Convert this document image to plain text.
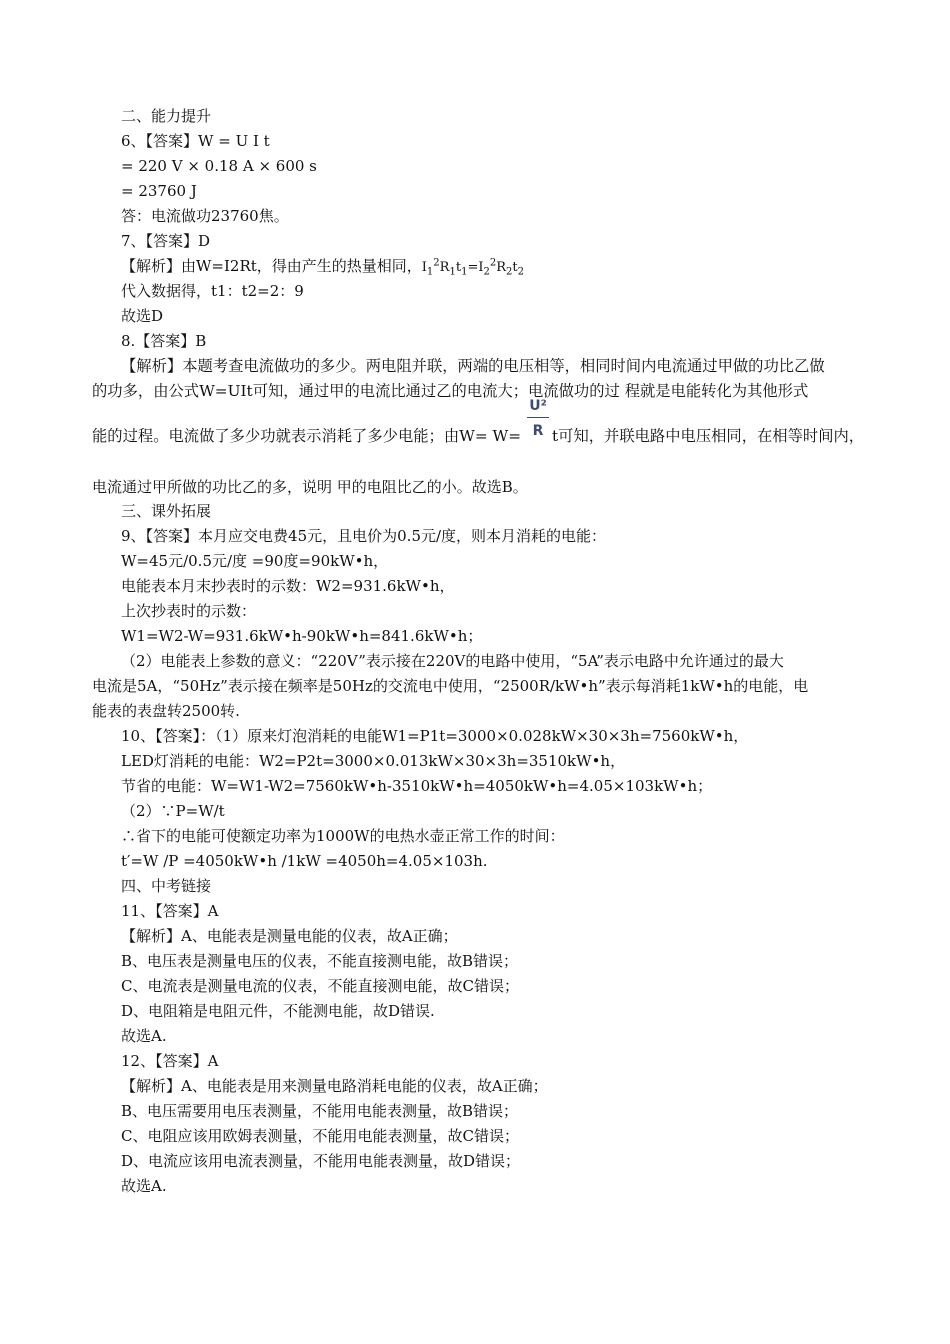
二、能力提升
6、【答案】W = U I t
= 220 V × 0.18 A × 600 s
= 23760 J
答：电流做功23760焦。
7、【答案】D
【解析】由W=I2Rt，得由产生的热量相同，$I_1^2R_1t_1=I_2^2R_2t_2$
代入数据得，t1：t2=2：9
故选D
8.【答案】B
【解析】本题考查电流做功的多少。两电阻并联，两端的电压相等，相同时间内电流通过甲做的功比乙做
的功多，由公式W=UIt可知，通过甲的电流比通过乙的电流大；电流做功的过 程就是电能转化为其他形式
能的过程。电流做了多少功就表示消耗了多少电能；由$W= W= \frac{\text{U²}}{R}$ t可知，并联电路中电压相同，在相等时间内，
电流通过甲所做的功比乙的多，说明 甲的电阻比乙的小。故选B。
三、课外拓展
9、【答案】本月应交电费45元，且电价为0.5元/度，则本月消耗的电能：
W=45元/0.5元/度 =90度=90kW•h，
电能表本月末抄表时的示数：W2=931.6kW•h，
上次抄表时的示数：
W1=W2-W=931.6kW•h-90kW•h=841.6kW•h；
（2）电能表上参数的意义：“220V”表示接在220V的电路中使用，“5A”表示电路中允许通过的最大
电流是5A，“50Hz”表示接在频率是50Hz的交流电中使用，“2500R/kW•h”表示每消耗1kW•h的电能，电
能表的表盘转2500转.
10、【答案】：（1）原来灯泡消耗的电能W1=P1t=3000×0.028kW×30×3h=7560kW•h，
LED灯消耗的电能：W2=P2t=3000×0.013kW×30×3h=3510kW•h，
节省的电能：W=W1-W2=7560kW•h-3510kW•h=4050kW•h=4.05×103kW•h；
（2）∵P=W/t
∴省下的电能可使额定功率为1000W的电热水壶正常工作的时间：
t′=W /P =4050kW•h /1kW =4050h=4.05×103h.
四、中考链接
11、【答案】A
【解析】A、电能表是测量电能的仪表，故A正确；
B、电压表是测量电压的仪表，不能直接测电能，故B错误；
C、电流表是测量电流的仪表，不能直接测电能，故C错误；
D、电阻箱是电阻元件，不能测电能，故D错误.
故选A.
12、【答案】A
【解析】A、电能表是用来测量电路消耗电能的仪表，故A正确；
B、电压需要用电压表测量，不能用电能表测量，故B错误；
C、电阻应该用欧姆表测量，不能用电能表测量，故C错误；
D、电流应该用电流表测量，不能用电能表测量，故D错误；
故选A.
